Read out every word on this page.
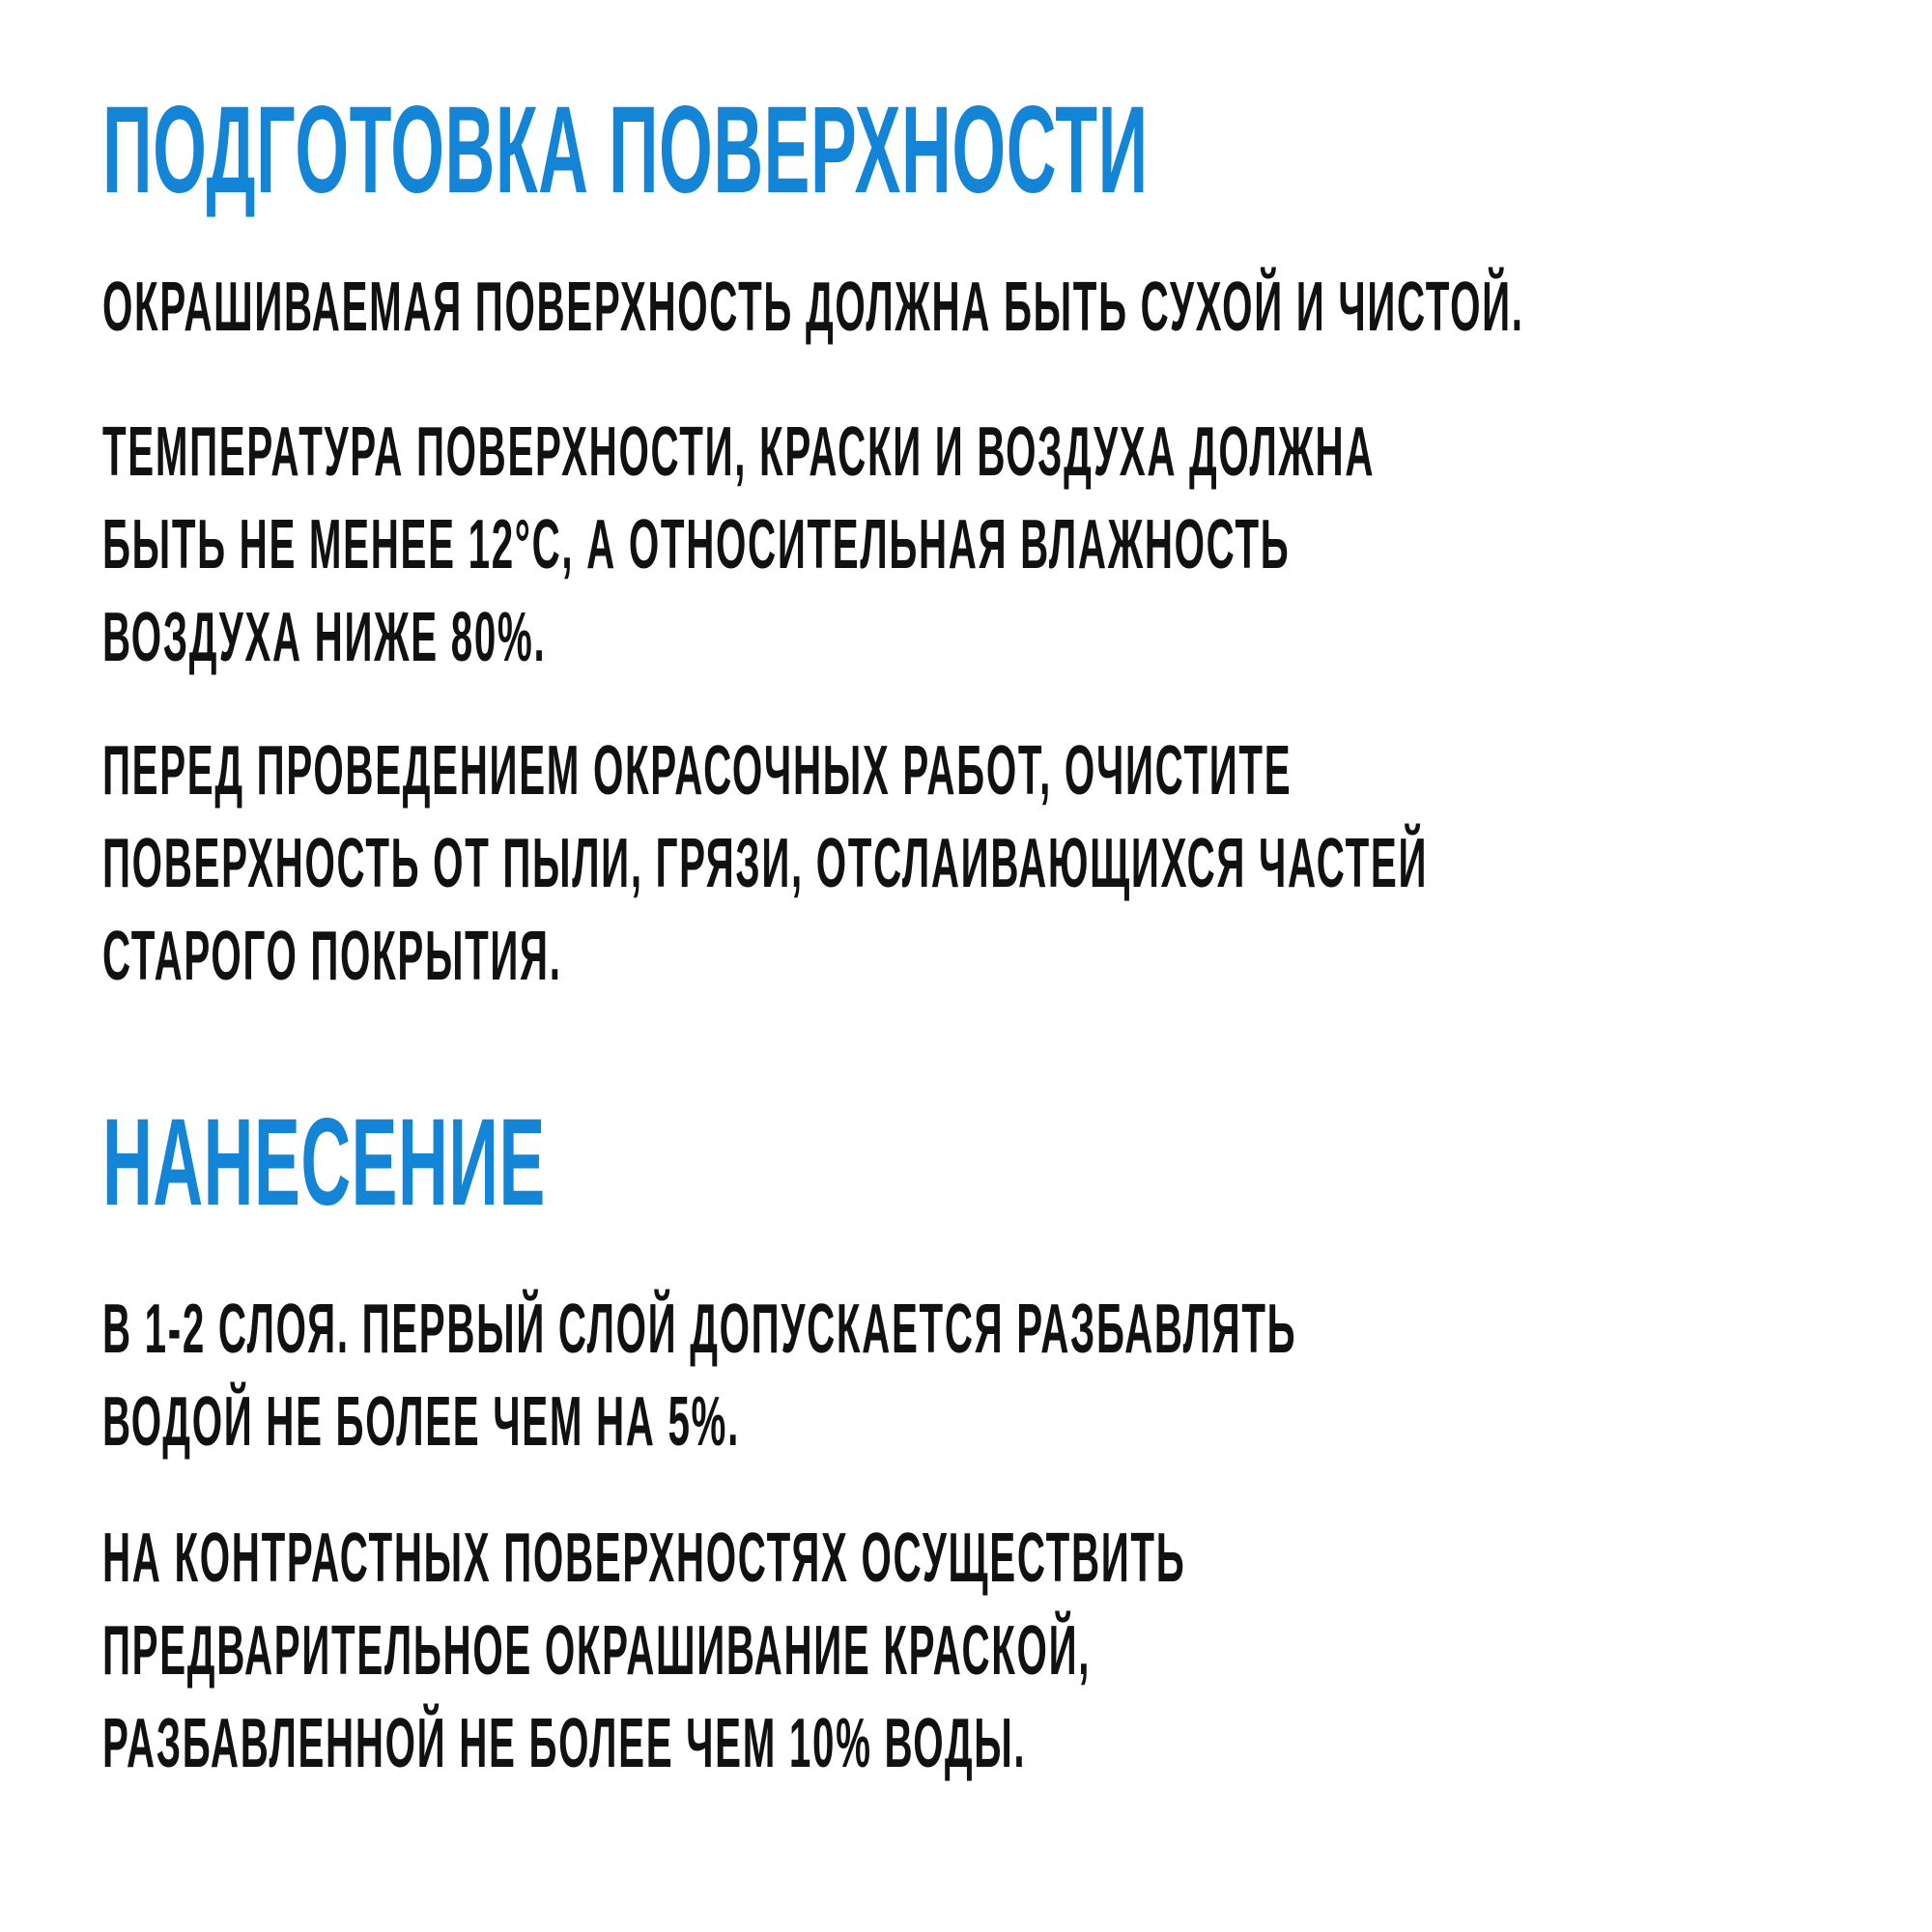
ПОДГОТОВКА ПОВЕРХНОСТИ

ОКРАШИВАЕМАЯ ПОВЕРХНОСТЬ ДОЛЖНА БЫТЬ СУХОЙ И ЧИСТОЙ.

ТЕМПЕРАТУРА ПОВЕРХНОСТИ, КРАСКИ И ВОЗДУХА ДОЛЖНА
БЫТЬ НЕ МЕНЕЕ 12°С, А ОТНОСИТЕЛЬНАЯ ВЛАЖНОСТЬ
ВОЗДУХА НИЖЕ 80%.

ПЕРЕД ПРОВЕДЕНИЕМ ОКРАСОЧНЫХ РАБОТ, ОЧИСТИТЕ
ПОВЕРХНОСТЬ ОТ ПЫЛИ, ГРЯЗИ, ОТСЛАИВАЮЩИХСЯ ЧАСТЕЙ
СТАРОГО ПОКРЫТИЯ.

НАНЕСЕНИЕ

В 1-2 СЛОЯ. ПЕРВЫЙ СЛОЙ ДОПУСКАЕТСЯ РАЗБАВЛЯТЬ
ВОДОЙ НЕ БОЛЕЕ ЧЕМ НА 5%.

НА КОНТРАСТНЫХ ПОВЕРХНОСТЯХ ОСУЩЕСТВИТЬ
ПРЕДВАРИТЕЛЬНОЕ ОКРАШИВАНИЕ КРАСКОЙ,
РАЗБАВЛЕННОЙ НЕ БОЛЕЕ ЧЕМ 10% ВОДЫ.
